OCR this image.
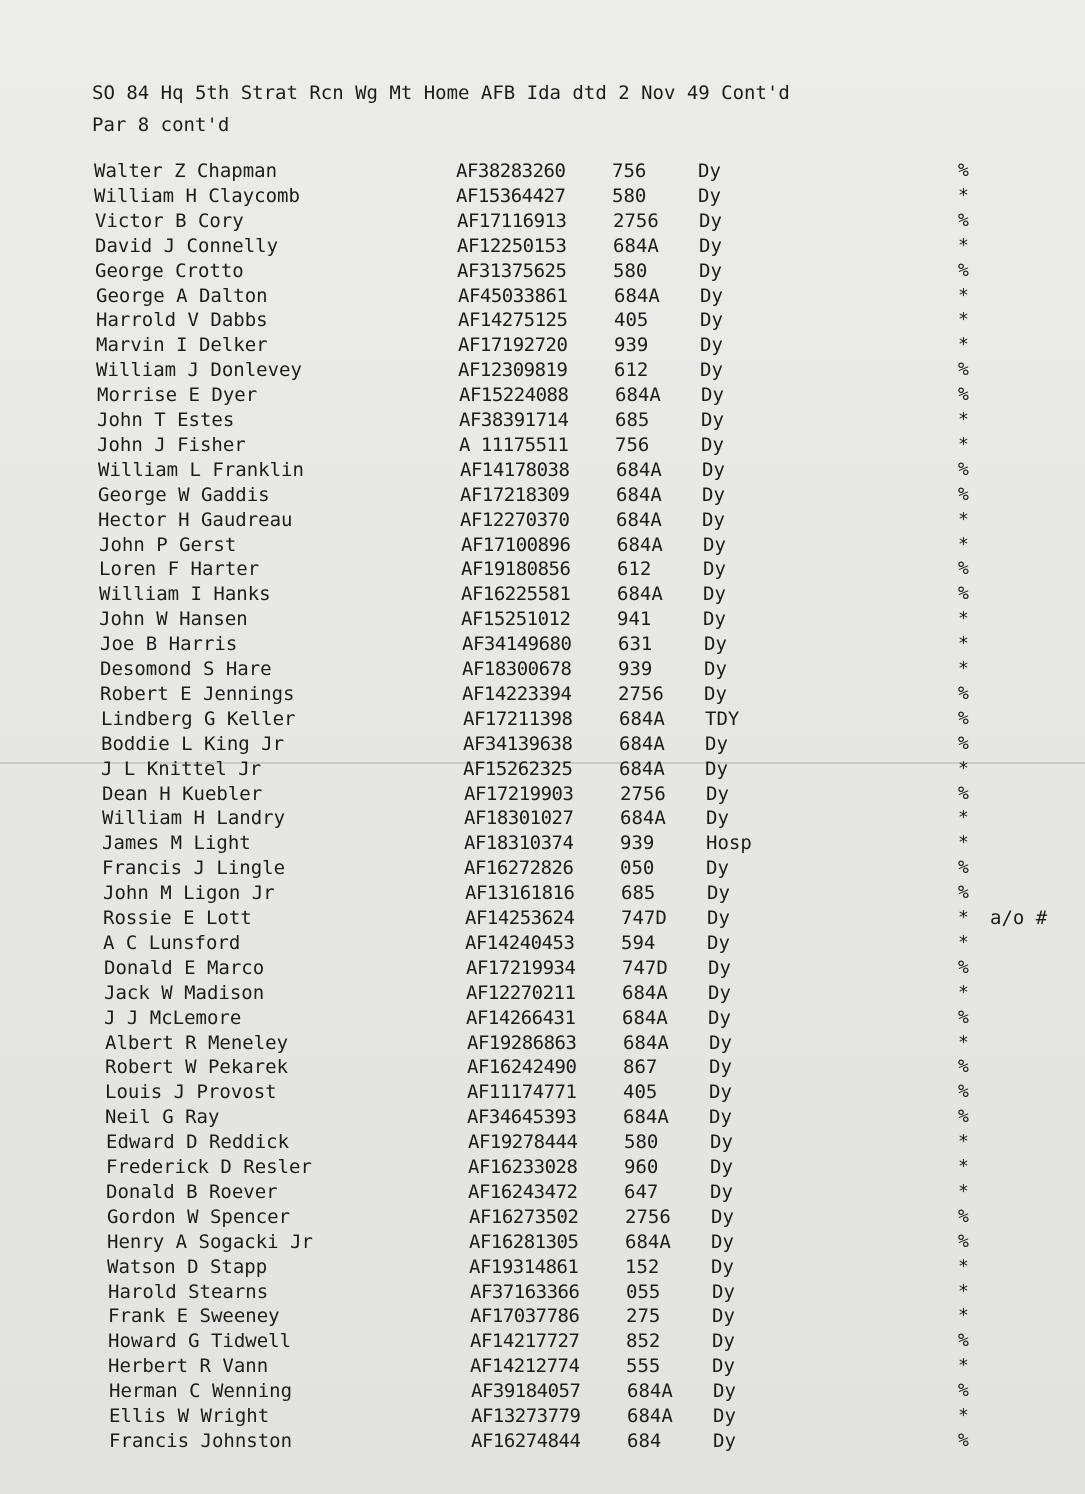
SO 84 Hq 5th Strat Rcn Wg Mt Home AFB Ida dtd 2 Nov 49 Cont'd
Par 8 cont'd
Walter Z Chapman	AF38283260 756	Dy	%
William H Claycomb	AF15364427 580	Dy	*
Victor B Cory	AF17116913 2756 Dy	%
David J Connelly	AF12250153 684A Dy	*
George Crotto	AF31375625 580	Dy	%
George A Dalton	AF45033861 684A Dy	*
Harrold V Dabbs	AF14275125 405	Dy	*
Marvin I Delker	AF17192720 939	Dy	*
William J Donlevey	AF12309819 612	Dy	%
Morrise E Dyer	AF15224088 684A Dy	%
John T Estes	AF38391714 685	Dy	*
John J Fisher	A 11175511 756	Dy	*
William L Franklin	AF14178038 684A Dy	%
George W Gaddis	AF17218309 684A Dy	%
Hector H Gaudreau	AF12270370 684A Dy	*
John P Gerst	AF17100896 684A Dy	*
Loren F Harter	AF19180856 612	Dy	%
William I Hanks	AF16225581 684A Dy	%
John W Hansen	AF15251012 941	Dy	*
Joe B Harris	AF34149680 631	Dy	*
Desomond S Hare	AF18300678 939	Dy	*
Robert E Jennings	AF14223394 2756 Dy	%
Lindberg G Keller	AF17211398 684A TDY	%
Boddie L King Jr	AF34139638 684A Dy	%
J L Knittel Jr	AF15262325 684A Dy	*
Dean H Kuebler	AF17219903 2756 Dy	%
William H Landry	AF18301027 684A Dy	*
James M Light	AF18310374 939	Hosp	*
Francis J Lingle	AF16272826 050	Dy	%
John M Ligon Jr	AF13161816 685	Dy	%
Rossie E Lott	AF14253624 747D Dy	* a/o #
A C Lunsford	AF14240453 594	Dy	*
Donald E Marco	AF17219934 747D Dy	%
Jack W Madison	AF12270211 684A Dy	*
J J McLemore	AF14266431 684A Dy	%
Albert R Meneley	AF19286863 684A Dy	*
Robert W Pekarek	AF16242490 867	Dy	%
Louis J Provost	AF11174771 405	Dy	%
Neil G Ray	AF34645393 684A Dy	%
Edward D Reddick	AF19278444 580	Dy	*
Frederick D Resler	AF16233028 960	Dy	*
Donald B Roever	AF16243472 647	Dy	*
Gordon W Spencer	AF16273502 2756 Dy	%
Henry A Sogacki Jr	AF16281305 684A Dy	%
Watson D Stapp	AF19314861 152	Dy	*
Harold Stearns	AF37163366 055	Dy	*
Frank E Sweeney	AF17037786 275	Dy	*
Howard G Tidwell	AF14217727 852	Dy	%
Herbert R Vann	AF14212774 555	Dy	*
Herman C Wenning	AF39184057 684A Dy	%
Ellis W Wright	AF13273779 684A Dy	*
Francis Johnston	AF16274844 684	Dy	%
